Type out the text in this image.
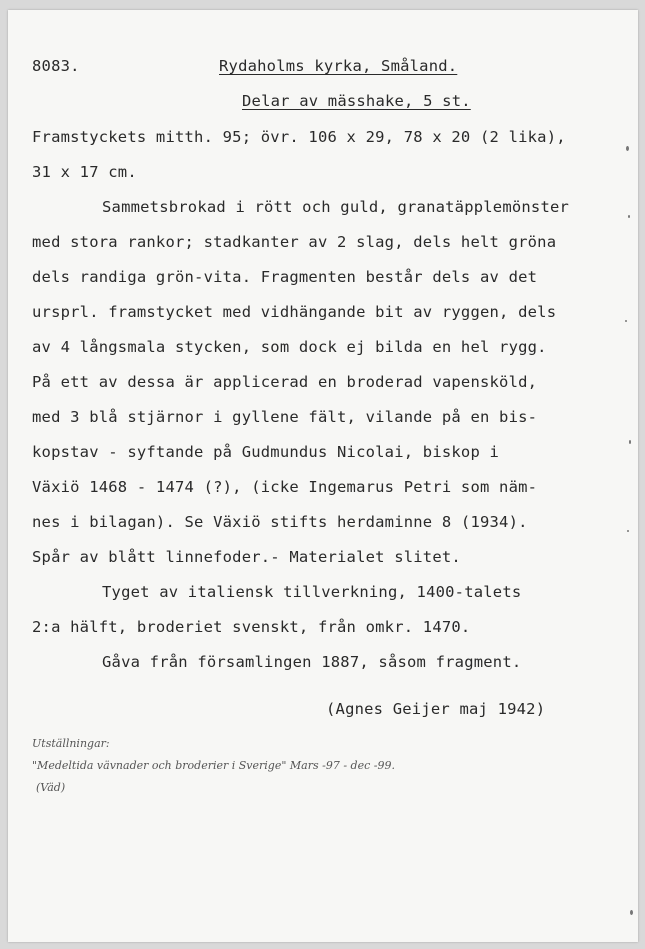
8083.	Rydaholms kyrka, Småland.

Delar av mässhake, 5 st.

Framstyckets mitth. 95; övr. 106 x 29, 78 x 20 (2 lika),

31 x 17 cm.

Sammetsbrokad i rött och guld, granatäpplemönster

med stora rankor; stadkanter av 2 slag, dels helt gröna

dels randiga grön-vita. Fragmenten består dels av det

ursprl. framstycket med vidhängande bit av ryggen, dels

av 4 långsmala stycken, som dock ej bilda en hel rygg.

På ett av dessa är applicerad en broderad vapensköld,

med 3 blå stjärnor i gyllene fält, vilande på en bis-

kopstav - syftande på Gudmundus Nicolai, biskop i

Växiö 1468 - 1474 (?), (icke Ingemarus Petri som näm-

nes i bilagan). Se Växiö stifts herdaminne 8 (1934).

Spår av blått linnefoder.- Materialet slitet.

Tyget av italiensk tillverkning, 1400-talets

2:a hälft, broderiet svenskt, från omkr. 1470.

Gåva från församlingen 1887, såsom fragment.

(Agnes Geijer maj 1942)

Utställningar:

"Medeltida vävnader och broderier i Sverige" Mars -97 - dec -99.

(Väd)
